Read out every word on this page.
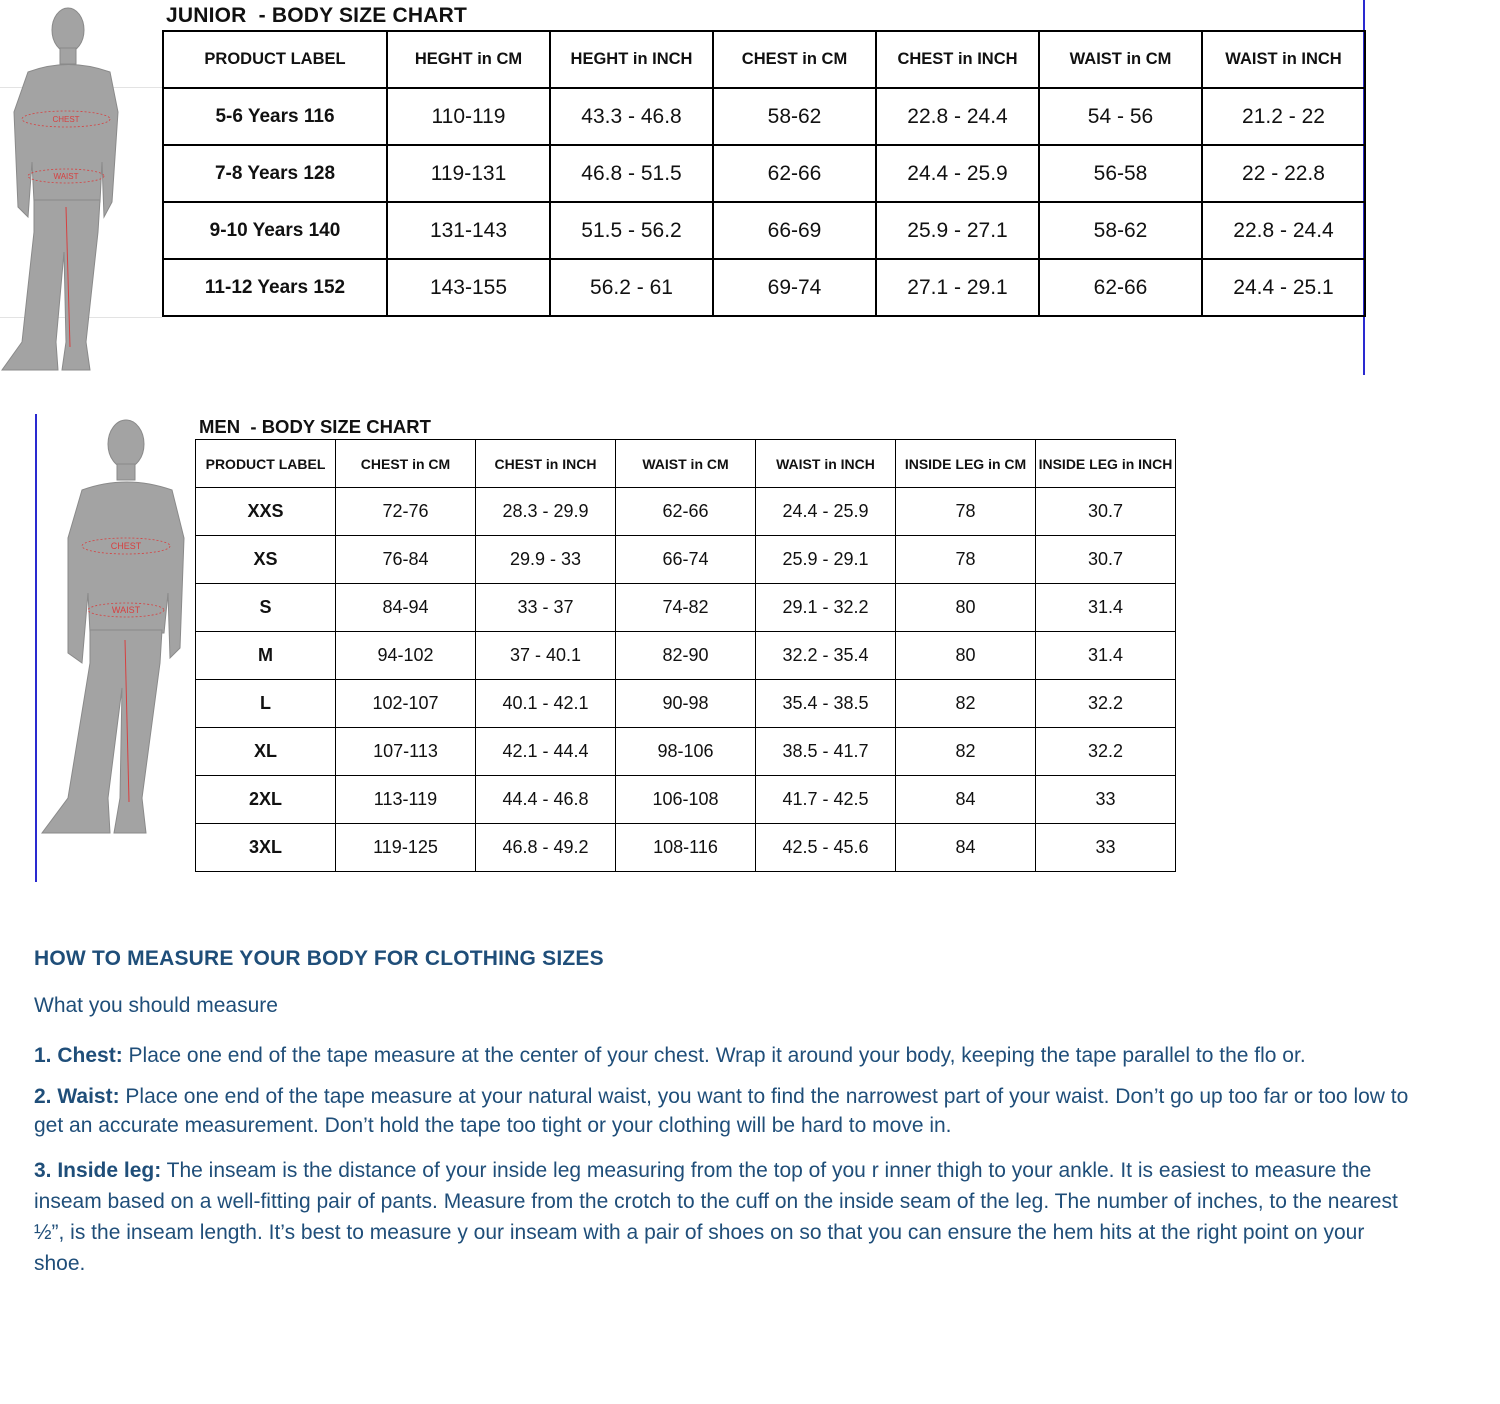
CHEST
WAIST
JUNIOR  - BODY SIZE CHART
PRODUCT LABEL	HEGHT in CM	HEGHT in INCH	CHEST in CM	CHEST in INCH	WAIST in CM	WAIST in INCH
5-6 Years 116	110-119	43.3 - 46.8	58-62	22.8 - 24.4	54 - 56	21.2 - 22
7-8 Years 128	119-131	46.8 - 51.5	62-66	24.4 - 25.9	56-58	22 - 22.8
9-10 Years 140	131-143	51.5 - 56.2	66-69	25.9 - 27.1	58-62	22.8 - 24.4
11-12 Years 152	143-155	56.2 - 61	69-74	27.1 - 29.1	62-66	24.4 - 25.1
CHEST
WAIST
MEN  - BODY SIZE CHART
PRODUCT LABEL	CHEST in CM	CHEST in INCH	WAIST in CM	WAIST in INCH	INSIDE LEG in CM	INSIDE LEG in INCH
XXS	72-76	28.3 - 29.9	62-66	24.4 - 25.9	78	30.7
XS	76-84	29.9 - 33	66-74	25.9 - 29.1	78	30.7
S	84-94	33 - 37	74-82	29.1 - 32.2	80	31.4
M	94-102	37 - 40.1	82-90	32.2 - 35.4	80	31.4
L	102-107	40.1 - 42.1	90-98	35.4 - 38.5	82	32.2
XL	107-113	42.1 - 44.4	98-106	38.5 - 41.7	82	32.2
2XL	113-119	44.4 - 46.8	106-108	41.7 - 42.5	84	33
3XL	119-125	46.8 - 49.2	108-116	42.5 - 45.6	84	33
HOW TO MEASURE YOUR BODY FOR CLOTHING SIZES
What you should measure
1. Chest: Place one end of the tape measure at the center of your chest. Wrap it around your body, keeping the tape parallel to the flo or.
2. Waist: Place one end of the tape measure at your natural waist, you want to find the narrowest part of your waist. Don’t go up too far or too low to get an accurate measurement. Don’t hold the tape too tight or your clothing will be hard to move in.
3. Inside leg: The inseam is the distance of your inside leg measuring from the top of you r inner thigh to your ankle. It is easiest to measure the inseam based on a well-fitting pair of pants. Measure from the crotch to the cuff on the inside seam of the leg. The number of inches, to the nearest ½”, is the inseam length. It’s best to measure y our inseam with a pair of shoes on so that you can ensure the hem hits at the right point on your shoe.
